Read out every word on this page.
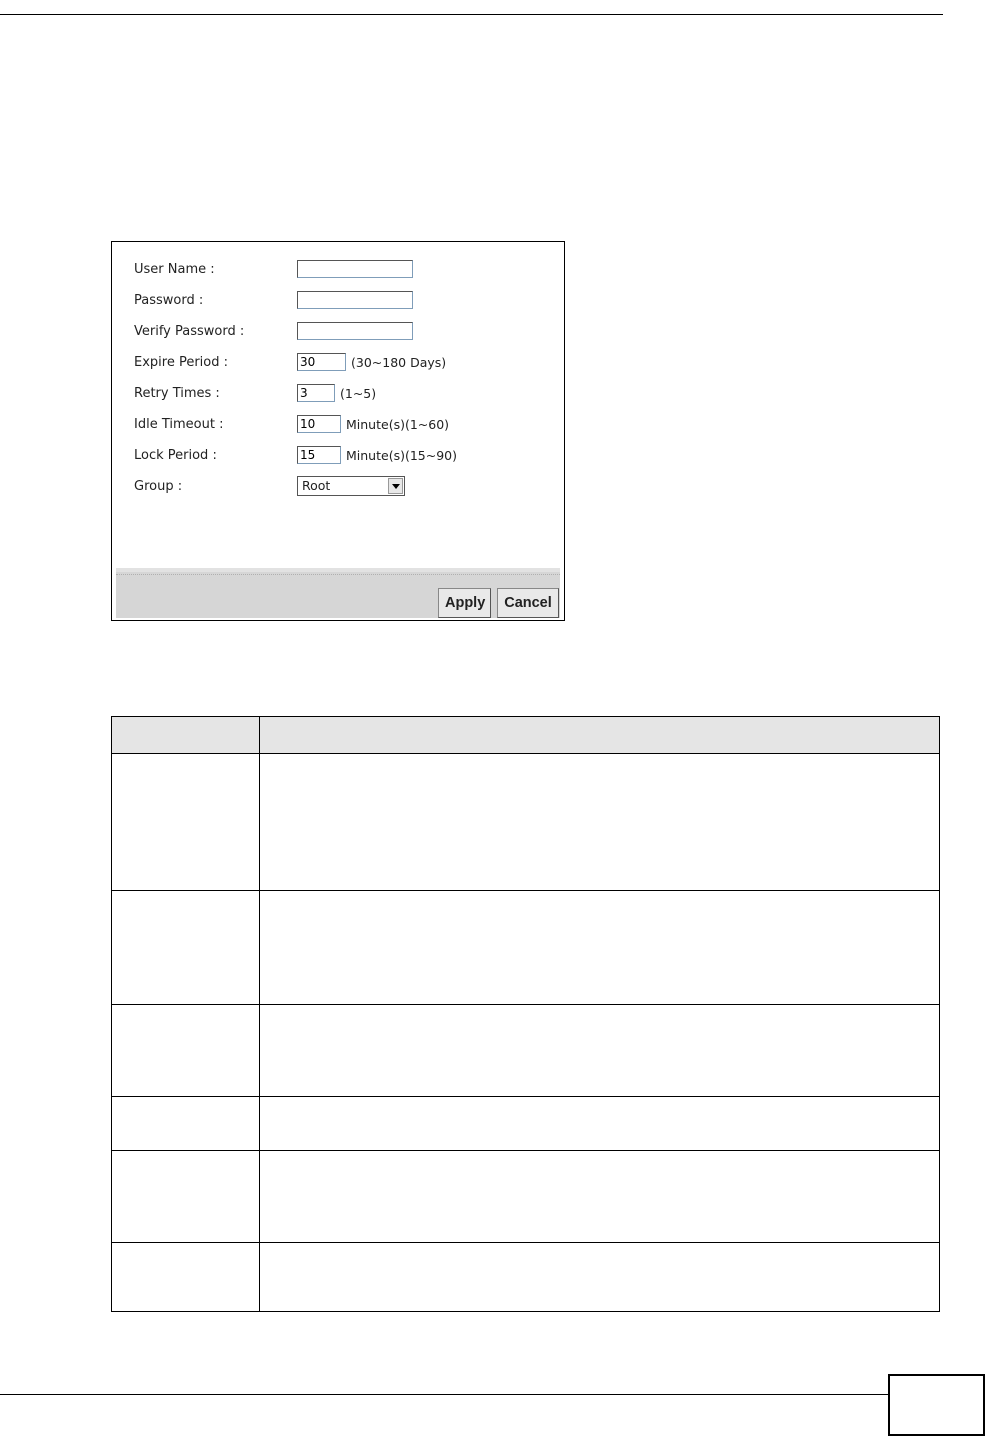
User Name :
Password :
Verify Password :
Expire Period :
30	(30~180 Days)
Retry Times :
3	(1~5)
Idle Timeout :
10	Minute(s)(1~60)
Lock Period :
15	Minute(s)(15~90)
Group :	Root
Apply	Cancel
